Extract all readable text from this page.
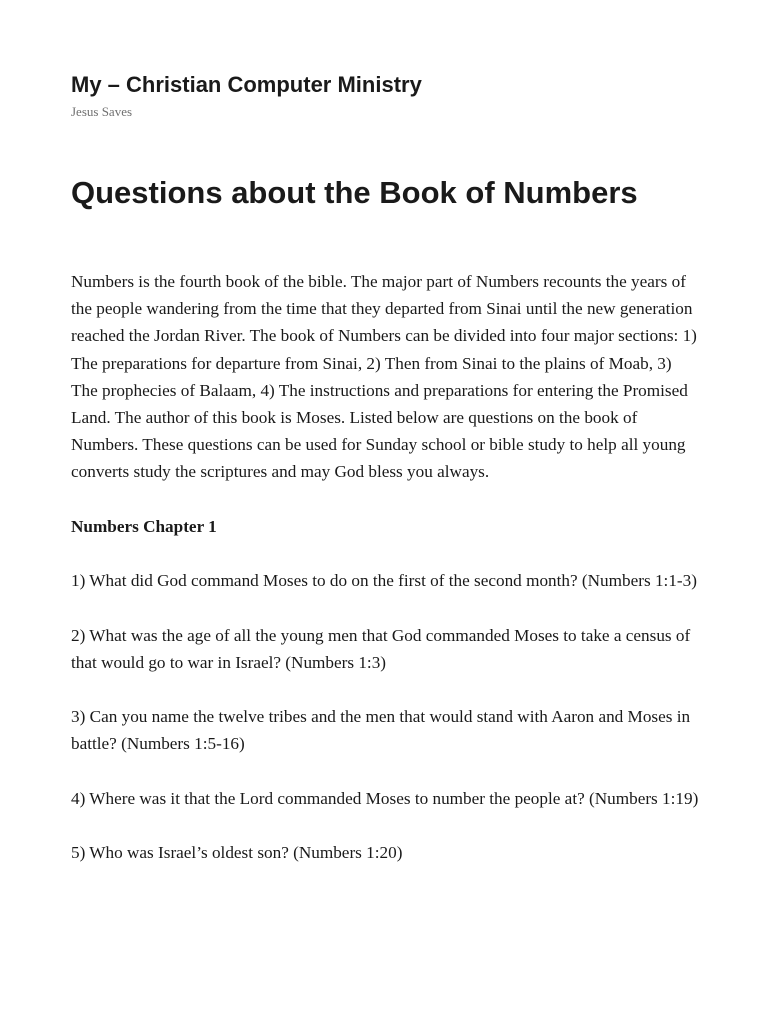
My – Christian Computer Ministry

Jesus Saves

Questions about the Book of Numbers

Numbers is the fourth book of the bible. The major part of Numbers recounts the years of the people wandering from the time that they departed from Sinai until the new generation reached the Jordan River. The book of Numbers can be divided into four major sections: 1) The preparations for departure from Sinai, 2) Then from Sinai to the plains of Moab, 3) The prophecies of Balaam, 4) The instructions and preparations for entering the Promised Land. The author of this book is Moses. Listed below are questions on the book of Numbers. These questions can be used for Sunday school or bible study to help all young converts study the scriptures and may God bless you always.

Numbers Chapter 1

1) What did God command Moses to do on the first of the second month? (Numbers 1:1-3)

2) What was the age of all the young men that God commanded Moses to take a census of that would go to war in Israel? (Numbers 1:3)

3) Can you name the twelve tribes and the men that would stand with Aaron and Moses in battle? (Numbers 1:5-16)

4) Where was it that the Lord commanded Moses to number the people at? (Numbers 1:19)

5) Who was Israel’s oldest son? (Numbers 1:20)
